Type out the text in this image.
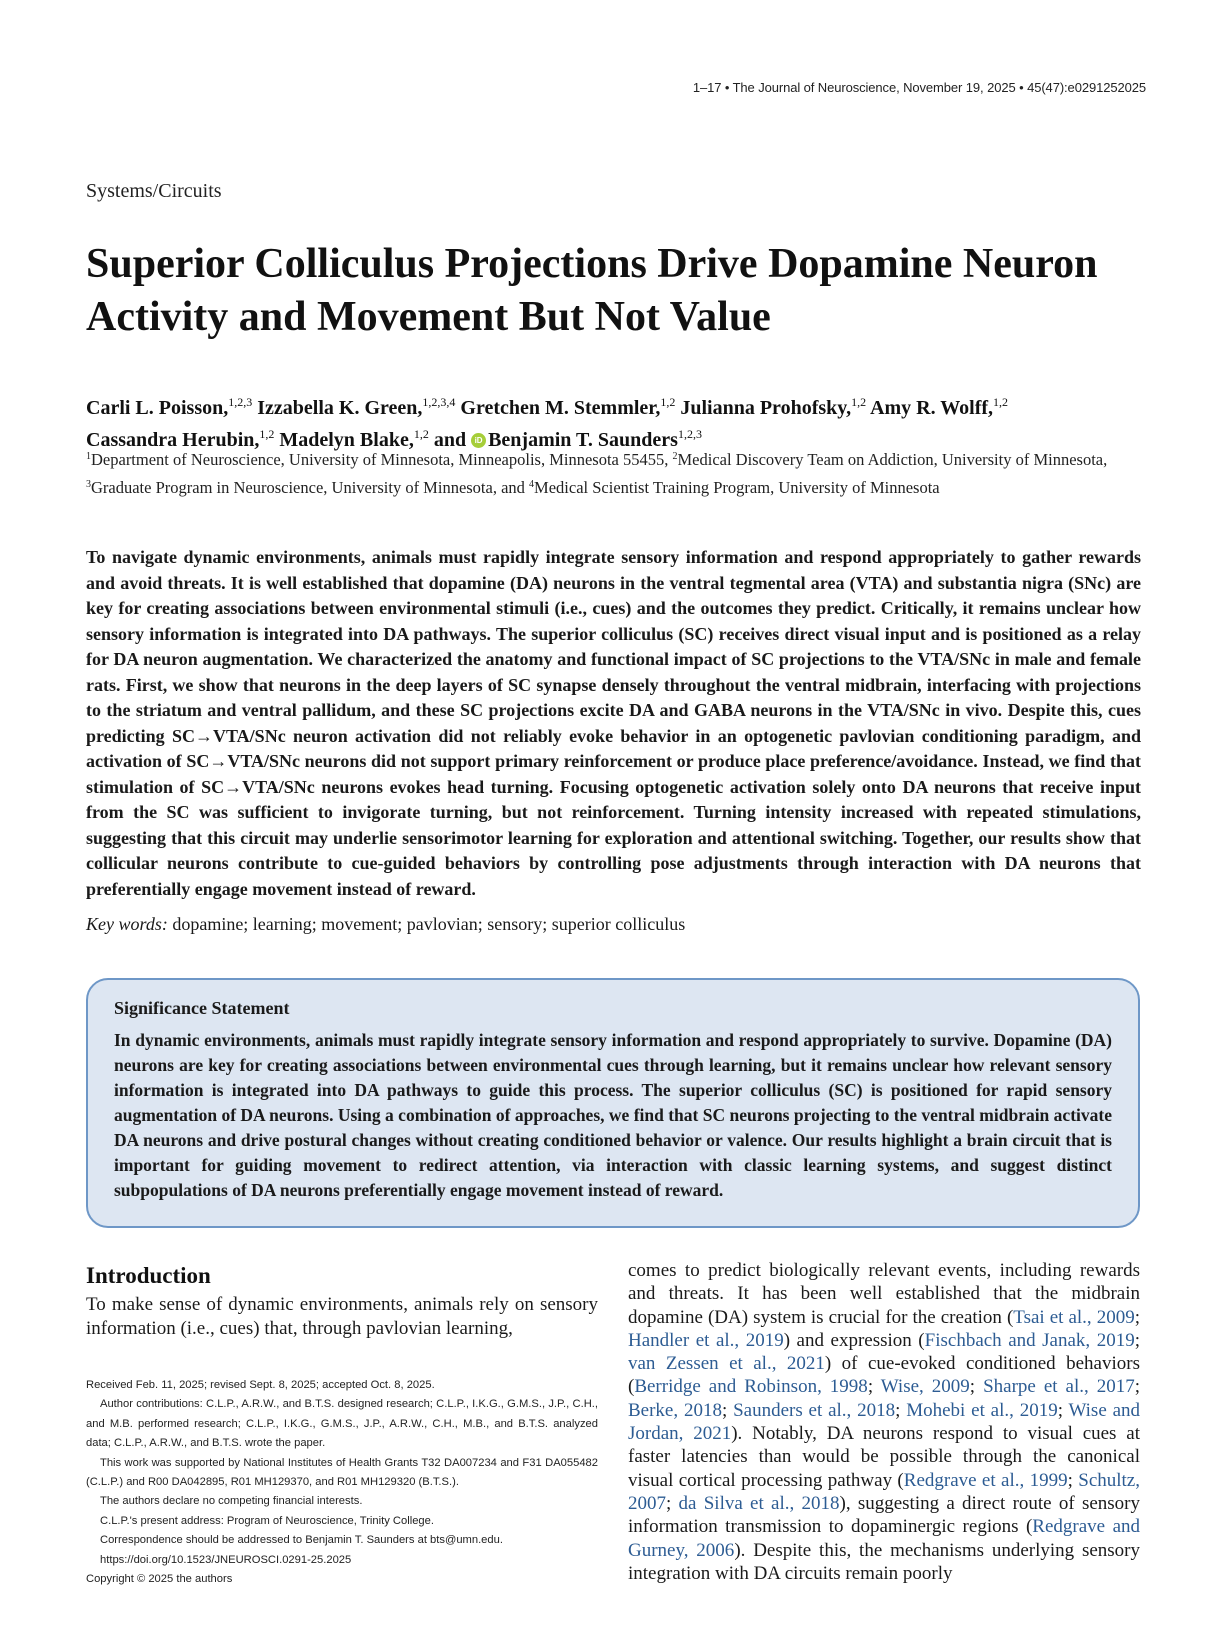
1–17 • The Journal of Neuroscience, November 19, 2025 • 45(47):e0291252025
Systems/Circuits
Superior Colliculus Projections Drive Dopamine Neuron Activity and Movement But Not Value
Carli L. Poisson,$^{1,2,3}$ Izzabella K. Green,$^{1,2,3,4}$ Gretchen M. Stemmler,$^{1,2}$ Julianna Prohofsky,$^{1,2}$ Amy R. Wolff,$^{1,2}$
Cassandra Herubin,$^{1,2}$ Madelyn Blake,$^{1,2}$ and iD Benjamin T. Saunders$^{1,2,3}$
$^1$Department of Neuroscience, University of Minnesota, Minneapolis, Minnesota 55455, $^2$Medical Discovery Team on Addiction, University of Minnesota,
$^3$Graduate Program in Neuroscience, University of Minnesota, and $^4$Medical Scientist Training Program, University of Minnesota

To navigate dynamic environments, animals must rapidly integrate sensory information and respond appropriately to gather rewards and avoid threats. It is well established that dopamine (DA) neurons in the ventral tegmental area (VTA) and substantia nigra (SNc) are key for creating associations between environmental stimuli (i.e., cues) and the outcomes they predict. Critically, it remains unclear how sensory information is integrated into DA pathways. The superior colliculus (SC) receives direct visual input and is positioned as a relay for DA neuron augmentation. We characterized the anatomy and functional impact of SC projections to the VTA/SNc in male and female rats. First, we show that neurons in the deep layers of SC synapse densely throughout the ventral midbrain, interfacing with projections to the striatum and ventral pallidum, and these SC projections excite DA and GABA neurons in the VTA/SNc in vivo. Despite this, cues predicting SC→VTA/SNc neuron activation did not reliably evoke behavior in an optogenetic pavlovian conditioning paradigm, and activation of SC→VTA/SNc neurons did not support primary reinforcement or produce place preference/avoidance. Instead, we find that stimulation of SC→VTA/SNc neurons evokes head turning. Focusing optogenetic activation solely onto DA neurons that receive input from the SC was sufficient to invigorate turning, but not reinforcement. Turning intensity increased with repeated stimulations, suggesting that this circuit may underlie sensorimotor learning for exploration and attentional switching. Together, our results show that collicular neurons contribute to cue-guided behaviors by controlling pose adjustments through interaction with DA neurons that preferentially engage movement instead of reward.

Key words: dopamine; learning; movement; pavlovian; sensory; superior colliculus
Significance Statement

In dynamic environments, animals must rapidly integrate sensory information and respond appropriately to survive. Dopamine (DA) neurons are key for creating associations between environmental cues through learning, but it remains unclear how relevant sensory information is integrated into DA pathways to guide this process. The superior colliculus (SC) is positioned for rapid sensory augmentation of DA neurons. Using a combination of approaches, we find that SC neurons projecting to the ventral midbrain activate DA neurons and drive postural changes without creating conditioned behavior or valence. Our results highlight a brain circuit that is important for guiding movement to redirect attention, via interaction with classic learning systems, and suggest distinct subpopulations of DA neurons preferentially engage movement instead of reward.

Introduction

To make sense of dynamic environments, animals rely on sensory information (i.e., cues) that, through pavlovian learning,

Received Feb. 11, 2025; revised Sept. 8, 2025; accepted Oct. 8, 2025.

Author contributions: C.L.P., A.R.W., and B.T.S. designed research; C.L.P., I.K.G., G.M.S., J.P., C.H., and M.B. performed research; C.L.P., I.K.G., G.M.S., J.P., A.R.W., C.H., M.B., and B.T.S. analyzed data; C.L.P., A.R.W., and B.T.S. wrote the paper.

This work was supported by National Institutes of Health Grants T32 DA007234 and F31 DA055482 (C.L.P.) and R00 DA042895, R01 MH129370, and R01 MH129320 (B.T.S.).

The authors declare no competing financial interests.

C.L.P.'s present address: Program of Neuroscience, Trinity College.

Correspondence should be addressed to Benjamin T. Saunders at bts@umn.edu.

https://doi.org/10.1523/JNEUROSCI.0291-25.2025

Copyright © 2025 the authors

comes to predict biologically relevant events, including rewards and threats. It has been well established that the midbrain dopamine (DA) system is crucial for the creation (Tsai et al., 2009; Handler et al., 2019) and expression (Fischbach and Janak, 2019; van Zessen et al., 2021) of cue-evoked conditioned behaviors (Berridge and Robinson, 1998; Wise, 2009; Sharpe et al., 2017; Berke, 2018; Saunders et al., 2018; Mohebi et al., 2019; Wise and Jordan, 2021). Notably, DA neurons respond to visual cues at faster latencies than would be possible through the canonical visual cortical processing pathway (Redgrave et al., 1999; Schultz, 2007; da Silva et al., 2018), suggesting a direct route of sensory information transmission to dopaminergic regions (Redgrave and Gurney, 2006). Despite this, the mechanisms underlying sensory integration with DA circuits remain poorly
